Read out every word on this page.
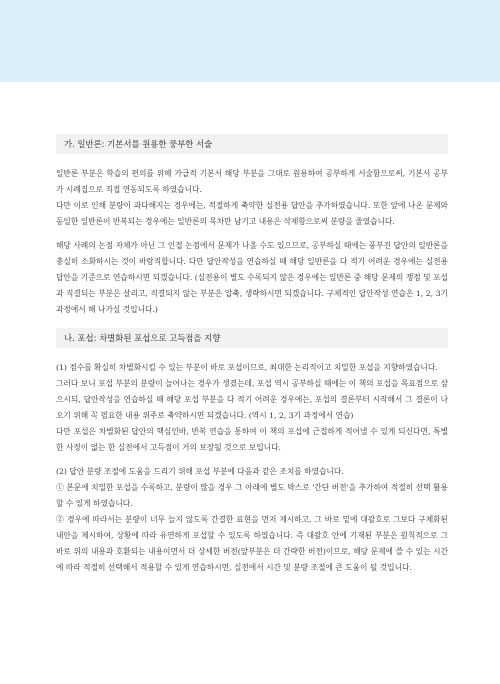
가. 일반론: 기본서를 원용한 풍부한 서술

일반론 부분은 학습의 편의를 위해 가급적 기본서 해당 부분을 그대로 원용하여 공부하게 서술함으로써, 기본서 공부가 시례집으로 직접 연동되도록 하였습니다.

다만 이로 인해 분량이 과다해지는 경우에는, 적절하게 축약한 실전용 답안을 추가하였습니다. 또한 앞에 나온 문제와 동일한 일반론이 반복되는 경우에는 일반론의 목차만 남기고 내용은 삭제함으로써 분량을 줄였습니다.

해당 사례의 논점 자체가 아닌 그 인접 논점에서 문제가 나올 수도 있으므로, 공부하실 때에는 풍부진 답안의 일반론을 충실히 소화하시는 것이 바람직합니다. 다만 답안작성을 연습하실 때 해당 일반론을 다 적기 어려운 경우에는 실전용 답안을 기준으로 연습하시면 되겠습니다. (실전용이 별도 수록되지 않은 경우에는 일반론 중 해당 문제의 쟁점 및 포섭과 직결되는 부분은 살리고, 직결되지 않는 부분은 압축, 생략하시면 되겠습니다. 구체적인 답안작성 연습은 1, 2, 3기 과정에서 해 나가실 것입니다.)

나. 포섭: 차별화된 포섭으로 고득점을 지향

(1) 점수를 확실히 차별화시킬 수 있는 부분이 바로 포섭이므로, 최대한 논리적이고 치밀한 포섭을 지향하였습니다.

그러다 보니 포섭 부분의 분량이 늘어나는 경우가 생겼는데, 포섭 역시 공부하실 때에는 이 책의 포섭을 목표점으로 삼으시되, 답안작성을 연습하실 때 해당 포섭 부분을 다 적기 어려운 경우에는, 포섭의 결론부터 시작해서 그 결론이 나오기 위해 꼭 필요한 내용 위주로 축약하시면 되겠습니다. (역시 1, 2, 3기 과정에서 연습)

다만 포섭은 차별화된 답안의 핵심인바, 반복 연습을 통하여 이 책의 포섭에 근접하게 적어낼 수 있게 되신다면, 특별한 사정이 없는 한 실전에서 고득점이 거의 보장될 것으로 보입니다.

(2) 답안 분량 조절에 도움을 드리기 위해 포섭 부분에 다음과 같은 조치를 하였습니다.

① 본문에 치밀한 포섭을 수록하고, 분량이 많을 경우 그 아래에 별도 박스로 '간단 버전'을 추가하여 적절히 선택 활용할 수 있게 하였습니다.

② 경우에 따라서는 분량이 너무 늘지 않도록 간결한 표현을 먼저 제시하고, 그 바로 밑에 대괄호로 그보다 구체화된 내안을 제시하여, 상황에 따라 유연하게 포섭할 수 있도록 하였습니다. 즉 대괄호 안에 기재된 부분은 원칙적으로 그 바로 위의 내용과 호환되는 내용이면서 더 상세한 버전(앞부분은 더 간략한 버전)이므로, 해당 문제에 쓸 수 있는 시간에 따라 적절히 선택해서 적용할 수 있게 연습하시면, 실전에서 시간 및 분량 조절에 큰 도움이 될 것입니다.
